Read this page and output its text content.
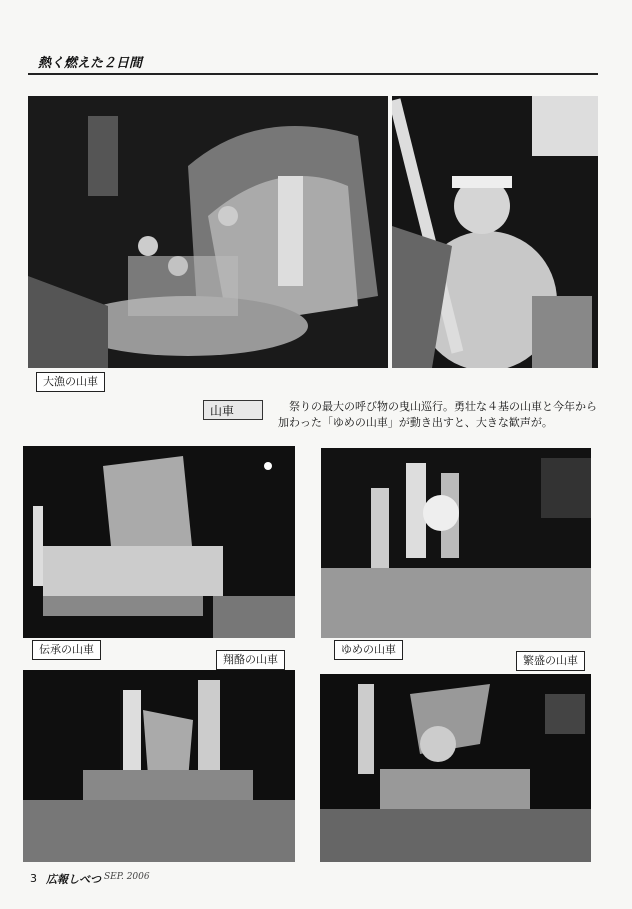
熱く燃えた２日間
大漁の山車
山車	祭りの最大の呼び物の曳山巡行。勇壮な４基の山車と今年から加わった「ゆめの山車」が動き出すと、大きな歓声が。
伝承の山車
翔酪の山車
ゆめの山車
繁盛の山車
3 広報しべつ SEP. 2006
